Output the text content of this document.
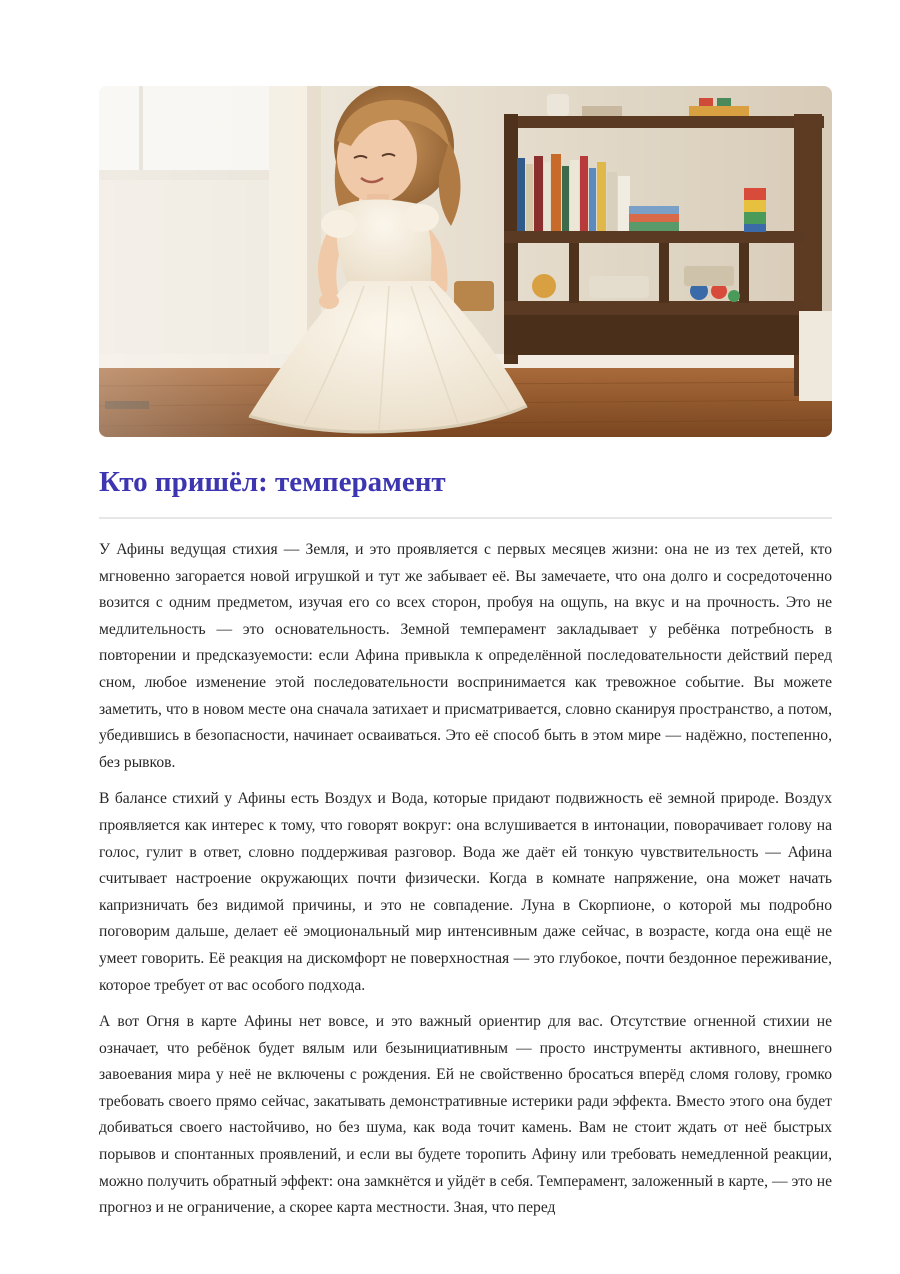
Кто пришёл: темперамент

У Афины ведущая стихия — Земля, и это проявляется с первых месяцев жизни: она не из тех детей, кто мгновенно загорается новой игрушкой и тут же забывает её. Вы замечаете, что она долго и сосредоточенно возится с одним предметом, изучая его со всех сторон, пробуя на ощупь, на вкус и на прочность. Это не медлительность — это основательность. Земной темперамент закладывает у ребёнка потребность в повторении и предсказуемости: если Афина привыкла к определённой последовательности действий перед сном, любое изменение этой последовательности воспринимается как тревожное событие. Вы можете заметить, что в новом месте она сначала затихает и присматривается, словно сканируя пространство, а потом, убедившись в безопасности, начинает осваиваться. Это её способ быть в этом мире — надёжно, постепенно, без рывков.

В балансе стихий у Афины есть Воздух и Вода, которые придают подвижность её земной природе. Воздух проявляется как интерес к тому, что говорят вокруг: она вслушивается в интонации, поворачивает голову на голос, гулит в ответ, словно поддерживая разговор. Вода же даёт ей тонкую чувствительность — Афина считывает настроение окружающих почти физически. Когда в комнате напряжение, она может начать капризничать без видимой причины, и это не совпадение. Луна в Скорпионе, о которой мы подробно поговорим дальше, делает её эмоциональный мир интенсивным даже сейчас, в возрасте, когда она ещё не умеет говорить. Её реакция на дискомфорт не поверхностная — это глубокое, почти бездонное переживание, которое требует от вас особого подхода.

А вот Огня в карте Афины нет вовсе, и это важный ориентир для вас. Отсутствие огненной стихии не означает, что ребёнок будет вялым или безынициативным — просто инструменты активного, внешнего завоевания мира у неё не включены с рождения. Ей не свойственно бросаться вперёд сломя голову, громко требовать своего прямо сейчас, закатывать демонстративные истерики ради эффекта. Вместо этого она будет добиваться своего настойчиво, но без шума, как вода точит камень. Вам не стоит ждать от неё быстрых порывов и спонтанных проявлений, и если вы будете торопить Афину или требовать немедленной реакции, можно получить обратный эффект: она замкнётся и уйдёт в себя. Темперамент, заложенный в карте, — это не прогноз и не ограничение, а скорее карта местности. Зная, что перед
